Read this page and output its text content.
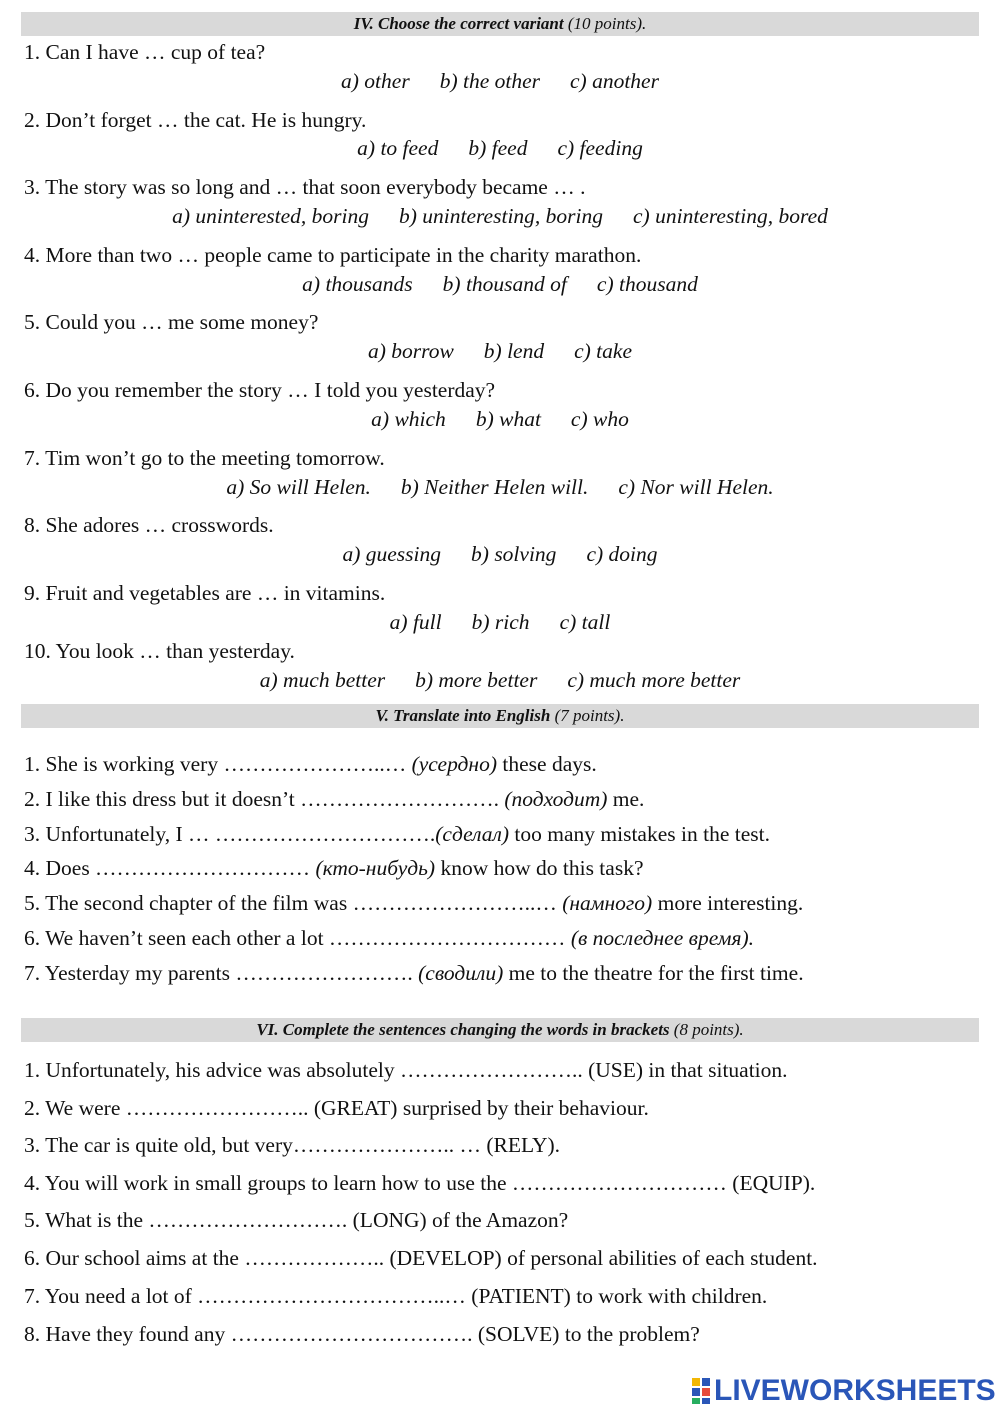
IV. Choose the correct variant (10 points).
1. Can I have … cup of tea?
a) other b) the other c) another
2. Don’t forget … the cat. He is hungry.
a) to feed b) feed c) feeding
3. The story was so long and … that soon everybody became … .
a) uninterested, boring b) uninteresting, boring c) uninteresting, bored
4. More than two … people came to participate in the charity marathon.
a) thousands b) thousand of c) thousand
5. Could you … me some money?
a) borrow b) lend c) take
6. Do you remember the story … I told you yesterday?
a) which b) what c) who
7. Tim won’t go to the meeting tomorrow.
a) So will Helen. b) Neither Helen will. c) Nor will Helen.
8. She adores … crosswords.
a) guessing b) solving c) doing
9. Fruit and vegetables are … in vitamins.
a) full b) rich c) tall
10. You look … than yesterday.
a) much better b) more better c) much more better
V. Translate into English (7 points).
1. She is working very …………………..… (усердно) these days.
2. I like this dress but it doesn’t ………………………. (подходит) me.
3. Unfortunately, I … ………………………….(сделал) too many mistakes in the test.
4. Does ………………………… (кто-нибудь) know how do this task?
5. The second chapter of the film was ……………………..… (намного) more interesting.
6. We haven’t seen each other a lot …………………………… (в последнее время).
7. Yesterday my parents ……………………. (сводили) me to the theatre for the first time.
VI. Complete the sentences changing the words in brackets (8 points).
1. Unfortunately, his advice was absolutely …………………….. (USE) in that situation.
2. We were …………………….. (GREAT) surprised by their behaviour.
3. The car is quite old, but very………………….. … (RELY).
4. You will work in small groups to learn how to use the ………………………… (EQUIP).
5. What is the ………………………. (LONG) of the Amazon?
6. Our school aims at the ……………….. (DEVELOP) of personal abilities of each student.
7. You need a lot of ……………………………..… (PATIENT) to work with children.
8. Have they found any ……………………………. (SOLVE) to the problem?
LIVEWORKSHEETS
